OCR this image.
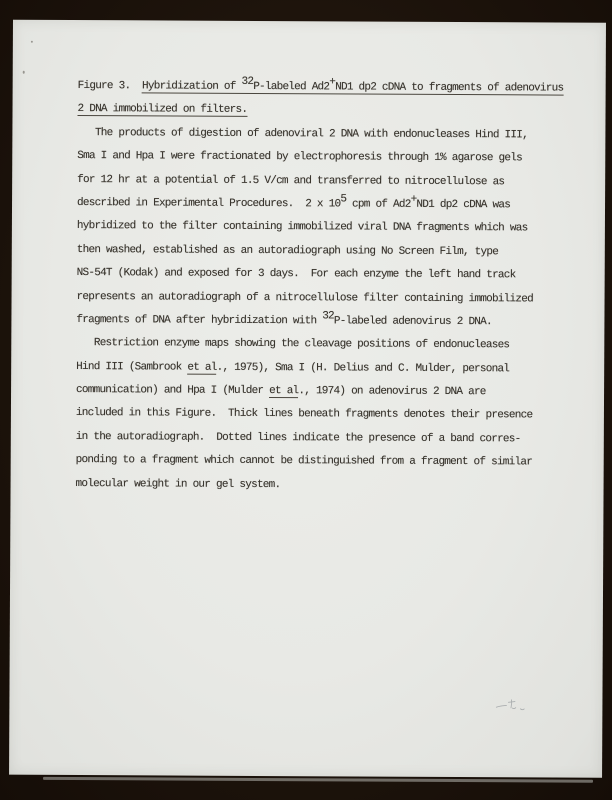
Figure 3.  Hybridization of 32P-labeled Ad2+ND1 dp2 cDNA to fragments of adenovirus
2 DNA immobilized on filters.
The products of digestion of adenoviral 2 DNA with endonucleases Hind III,
Sma I and Hpa I were fractionated by electrophoresis through 1% agarose gels
for 12 hr at a potential of 1.5 V/cm and transferred to nitrocellulose as
described in Experimental Procedures.  2 x 105 cpm of Ad2+ND1 dp2 cDNA was
hybridized to the filter containing immobilized viral DNA fragments which was
then washed, established as an autoradiograph using No Screen Film, type
NS-54T (Kodak) and exposed for 3 days.  For each enzyme the left hand track
represents an autoradiograph of a nitrocellulose filter containing immobilized
fragments of DNA after hybridization with 32P-labeled adenovirus 2 DNA.
Restriction enzyme maps showing the cleavage positions of endonucleases
Hind III (Sambrook et al., 1975), Sma I (H. Delius and C. Mulder, personal
communication) and Hpa I (Mulder et al., 1974) on adenovirus 2 DNA are
included in this Figure.  Thick lines beneath fragments denotes their presence
in the autoradiograph.  Dotted lines indicate the presence of a band corres-
ponding to a fragment which cannot be distinguished from a fragment of similar
molecular weight in our gel system.
